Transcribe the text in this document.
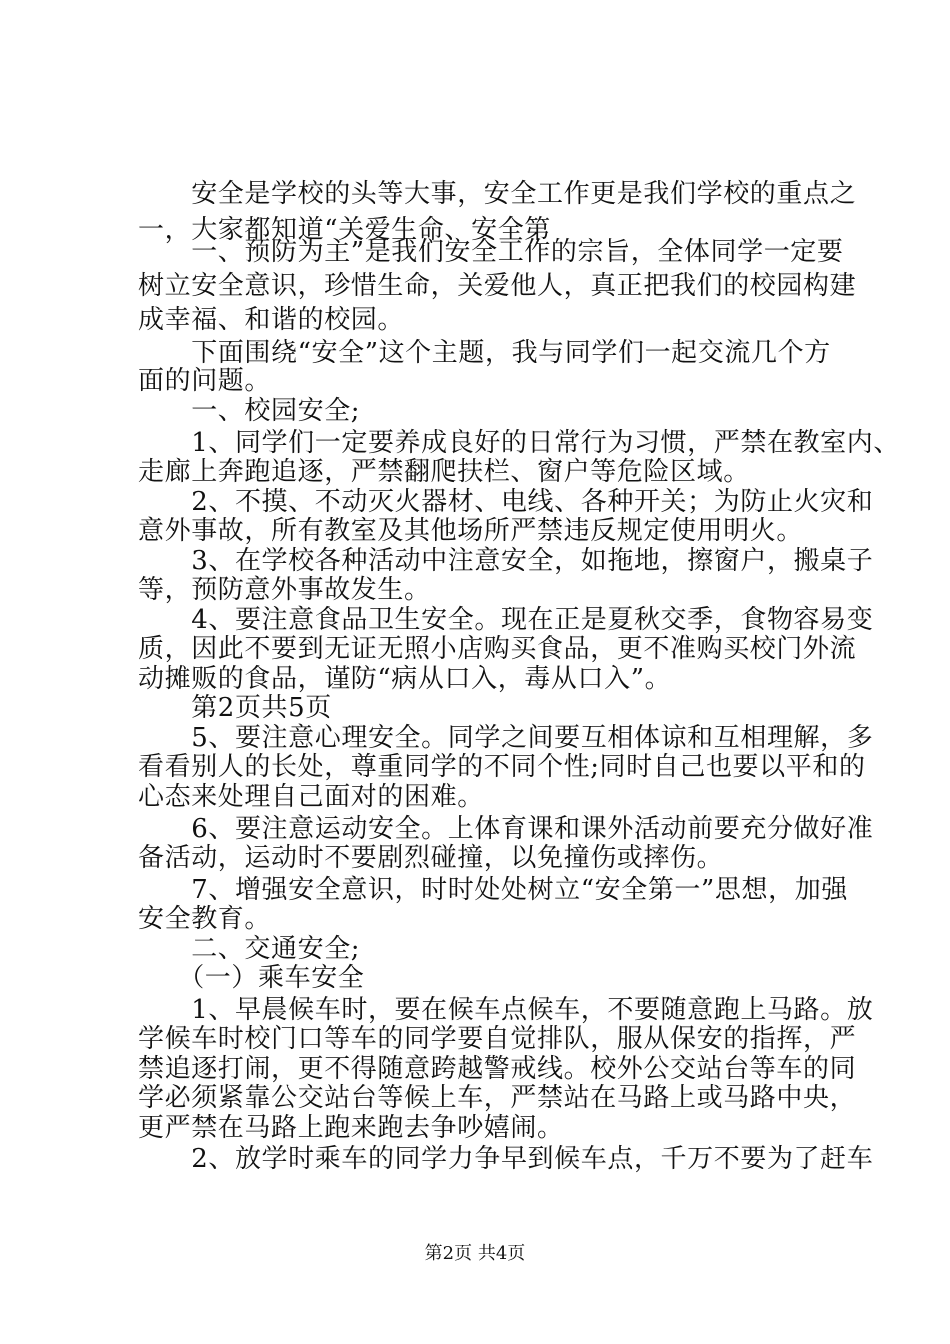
　　安全是学校的头等大事，安全工作更是我们学校的重点之
一，大家都知道“关爱生命、安全第
　　一、预防为主”是我们安全工作的宗旨，全体同学一定要
树立安全意识，珍惜生命，关爱他人，真正把我们的校园构建
成幸福、和谐的校园。
　　下面围绕“安全”这个主题，我与同学们一起交流几个方
面的问题。
　　一、校园安全;
　　1、同学们一定要养成良好的日常行为习惯，严禁在教室内、
走廊上奔跑追逐，严禁翻爬扶栏、窗户等危险区域。
　　2、不摸、不动灭火器材、电线、各种开关；为防止火灾和
意外事故，所有教室及其他场所严禁违反规定使用明火。
　　3、在学校各种活动中注意安全，如拖地，擦窗户，搬桌子
等，预防意外事故发生。
　　4、要注意食品卫生安全。现在正是夏秋交季，食物容易变
质，因此不要到无证无照小店购买食品，更不准购买校门外流
动摊贩的食品，谨防“病从口入，毒从口入”。
　　第2页共5页
　　5、要注意心理安全。同学之间要互相体谅和互相理解，多
看看别人的长处，尊重同学的不同个性;同时自己也要以平和的
心态来处理自己面对的困难。
　　6、要注意运动安全。上体育课和课外活动前要充分做好准
备活动，运动时不要剧烈碰撞，以免撞伤或摔伤。
　　7、增强安全意识，时时处处树立“安全第一”思想，加强
安全教育。
　　二、交通安全;
　　（一）乘车安全
　　1、早晨候车时，要在候车点候车，不要随意跑上马路。放
学候车时校门口等车的同学要自觉排队，服从保安的指挥，严
禁追逐打闹，更不得随意跨越警戒线。校外公交站台等车的同
学必须紧靠公交站台等候上车，严禁站在马路上或马路中央，
更严禁在马路上跑来跑去争吵嬉闹。
　　2、放学时乘车的同学力争早到候车点，千万不要为了赶车
第2页 共4页
